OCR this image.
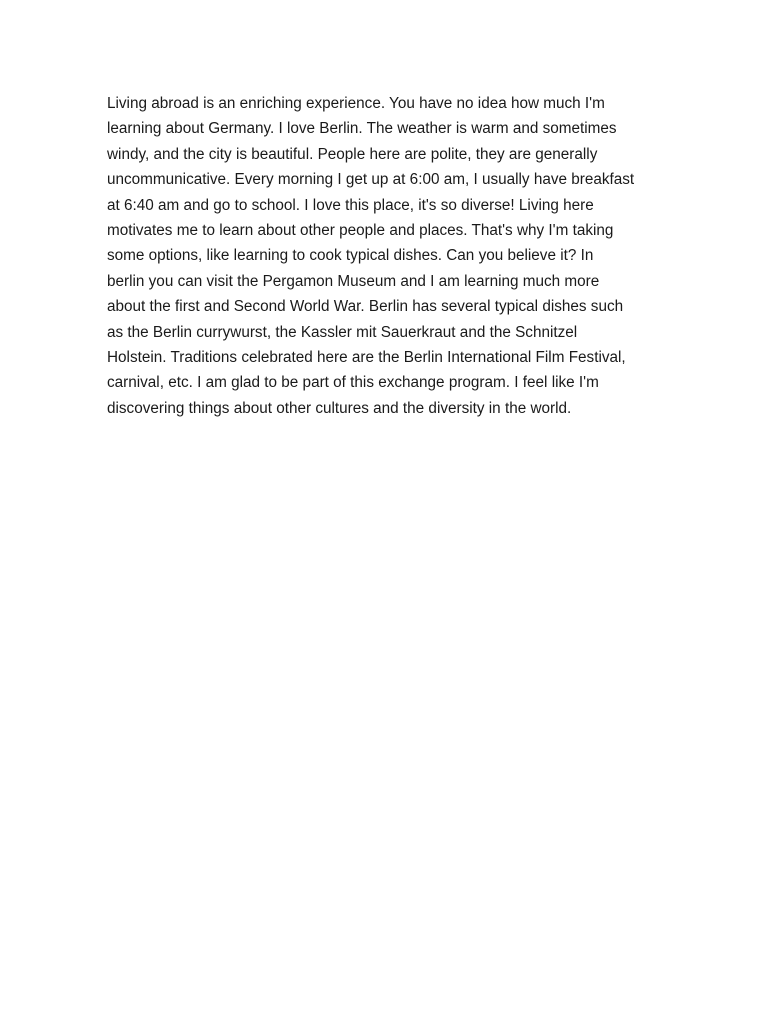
Living abroad is an enriching experience. You have no idea how much I'm
learning about Germany. I love Berlin. The weather is warm and sometimes
windy, and the city is beautiful. People here are polite, they are generally
uncommunicative. Every morning I get up at 6:00 am, I usually have breakfast
at 6:40 am and go to school. I love this place, it's so diverse! Living here
motivates me to learn about other people and places. That's why I'm taking
some options, like learning to cook typical dishes. Can you believe it? In
berlin you can visit the Pergamon Museum and I am learning much more
about the first and Second World War. Berlin has several typical dishes such
as the Berlin currywurst, the Kassler mit Sauerkraut and the Schnitzel
Holstein. Traditions celebrated here are the Berlin International Film Festival,
carnival, etc. I am glad to be part of this exchange program. I feel like I'm
discovering things about other cultures and the diversity in the world.
